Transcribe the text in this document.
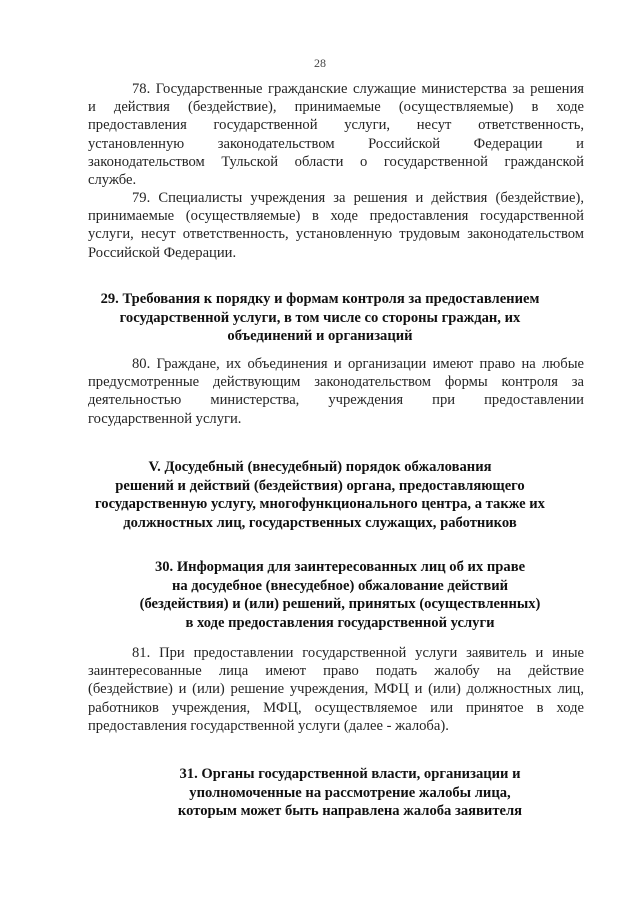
28
78. Государственные гражданские служащие министерства за решения
и действия (бездействие), принимаемые (осуществляемые) в ходе
предоставления государственной услуги, несут ответственность,
установленную законодательством Российской Федерации и
законодательством Тульской области о государственной гражданской
службе.
79. Специалисты учреждения за решения и действия (бездействие),
принимаемые (осуществляемые) в ходе предоставления государственной
услуги, несут ответственность, установленную трудовым законодательством
Российской Федерации.
29. Требования к порядку и формам контроля за предоставлением
государственной услуги, в том числе со стороны граждан, их
объединений и организаций
80. Граждане, их объединения и организации имеют право на любые
предусмотренные действующим законодательством формы контроля за
деятельностью министерства, учреждения при предоставлении
государственной услуги.
V. Досудебный (внесудебный) порядок обжалования
решений и действий (бездействия) органа, предоставляющего
государственную услугу, многофункционального центра, а также их
должностных лиц, государственных служащих, работников
30. Информация для заинтересованных лиц об их праве
на досудебное (внесудебное) обжалование действий
(бездействия) и (или) решений, принятых (осуществленных)
в ходе предоставления государственной услуги
81. При предоставлении государственной услуги заявитель и иные
заинтересованные лица имеют право подать жалобу на действие
(бездействие) и (или) решение учреждения, МФЦ и (или) должностных лиц,
работников учреждения, МФЦ, осуществляемое или принятое в ходе
предоставления государственной услуги (далее - жалоба).
31. Органы государственной власти, организации и
уполномоченные на рассмотрение жалобы лица,
которым может быть направлена жалоба заявителя
